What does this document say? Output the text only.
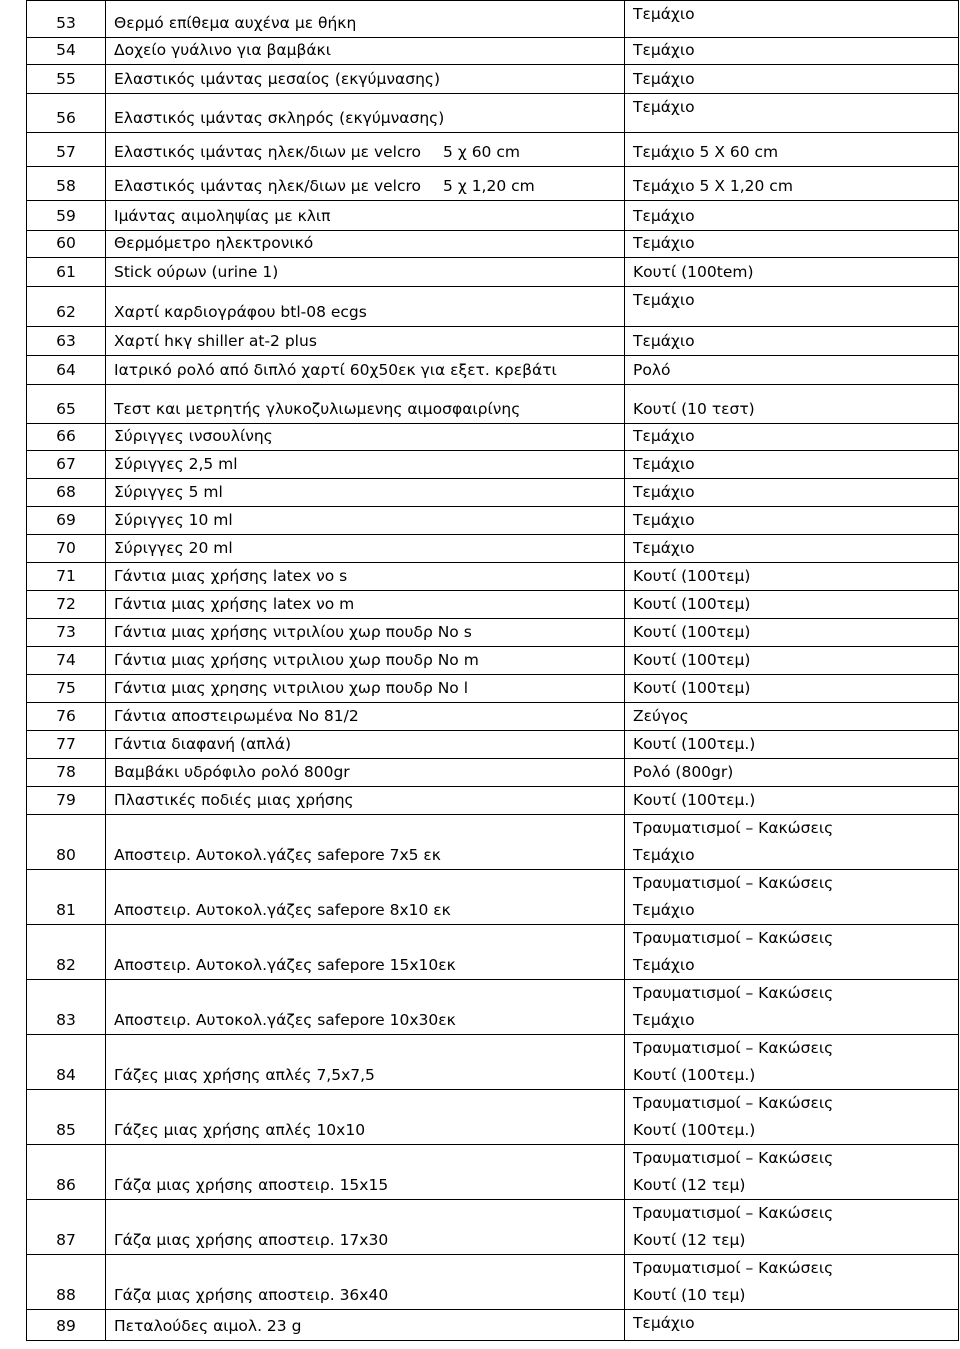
53	Θερμό επίθεμα αυχένα με θήκη	Τεμάχιο

54	Δοχείο γυάλινο για βαμβάκι	Τεμάχιο

55	Ελαστικός ιμάντας μεσαίος (εκγύμνασης)	Τεμάχιο

56	Ελαστικός ιμάντας σκληρός (εκγύμνασης)	Τεμάχιο

57	Ελαστικός ιμάντας ηλεκ/διων με velcro 5 χ 60 cm	Τεμάχιο 5 Χ 60 cm

58	Ελαστικός ιμάντας ηλεκ/διων με velcro 5 χ 1,20 cm	Τεμάχιο 5 Χ 1,20 cm

59	Ιμάντας αιμοληψίας με κλιπ	Τεμάχιο

60	Θερμόμετρο ηλεκτρονικό	Τεμάχιο

61	Stick ούρων (urine 1)	Κουτί (100tem)

62	Χαρτί καρδιογράφου btl-08 ecgs	Τεμάχιο

63	Χαρτί hκγ shiller at-2 plus	Τεμάχιο

64	Ιατρικό ρολό από διπλό χαρτί 60χ50εκ για εξετ. κρεβάτι	Ρολό

65	Τεστ και μετρητής γλυκοζυλιωμενης αιμοσφαιρίνης	Κουτί (10 τεστ)

66	Σύριγγες ινσουλίνης	Τεμάχιο

67	Σύριγγες 2,5 ml	Τεμάχιο

68	Σύριγγες 5 ml	Τεμάχιο

69	Σύριγγες 10 ml	Τεμάχιο

70	Σύριγγες 20 ml	Τεμάχιο

71	Γάντια μιας χρήσης latex νο s	Κουτί (100τεμ)

72	Γάντια μιας χρήσης latex νο m	Κουτί (100τεμ)

73	Γάντια μιας χρήσης νιτριλίου χωρ πουδρ Νο s	Κουτί (100τεμ)

74	Γάντια μιας χρήσης νιτριλιου χωρ πουδρ Νο m	Κουτί (100τεμ)

75	Γάντια μιας χρησης νιτριλιου χωρ πουδρ Νο l	Κουτί (100τεμ)

76	Γάντια αποστειρωμένα Νο 81/2	Ζεύγος

77	Γάντια διαφανή (απλά)	Κουτί (100τεμ.)

78	Βαμβάκι υδρόφιλο ρολό 800gr	Ρολό (800gr)

79	Πλαστικές ποδιές μιας χρήσης	Κουτί (100τεμ.)

80	Αποστειρ. Αυτοκολ.γάζες safepore 7x5 εκ	Τραυματισμοί – Κακώσεις
Τεμάχιο

81	Αποστειρ. Αυτοκολ.γάζες safepore 8x10 εκ	Τραυματισμοί – Κακώσεις
Τεμάχιο

82	Αποστειρ. Αυτοκολ.γάζες safepore 15x10εκ	Τραυματισμοί – Κακώσεις
Τεμάχιο

83	Αποστειρ. Αυτοκολ.γάζες safepore 10x30εκ	Τραυματισμοί – Κακώσεις
Τεμάχιο

84	Γάζες μιας χρήσης απλές 7,5x7,5	Τραυματισμοί – Κακώσεις
Κουτί (100τεμ.)

85	Γάζες μιας χρήσης απλές 10x10	Τραυματισμοί – Κακώσεις
Κουτί (100τεμ.)

86	Γάζα μιας χρήσης αποστειρ. 15x15	Τραυματισμοί – Κακώσεις
Κουτί (12 τεμ)

87	Γάζα μιας χρήσης αποστειρ. 17x30	Τραυματισμοί – Κακώσεις
Κουτί (12 τεμ)

88	Γάζα μιας χρήσης αποστειρ. 36x40	Τραυματισμοί – Κακώσεις
Κουτί (10 τεμ)

89	Πεταλούδες αιμολ. 23 g	Τεμάχιο
